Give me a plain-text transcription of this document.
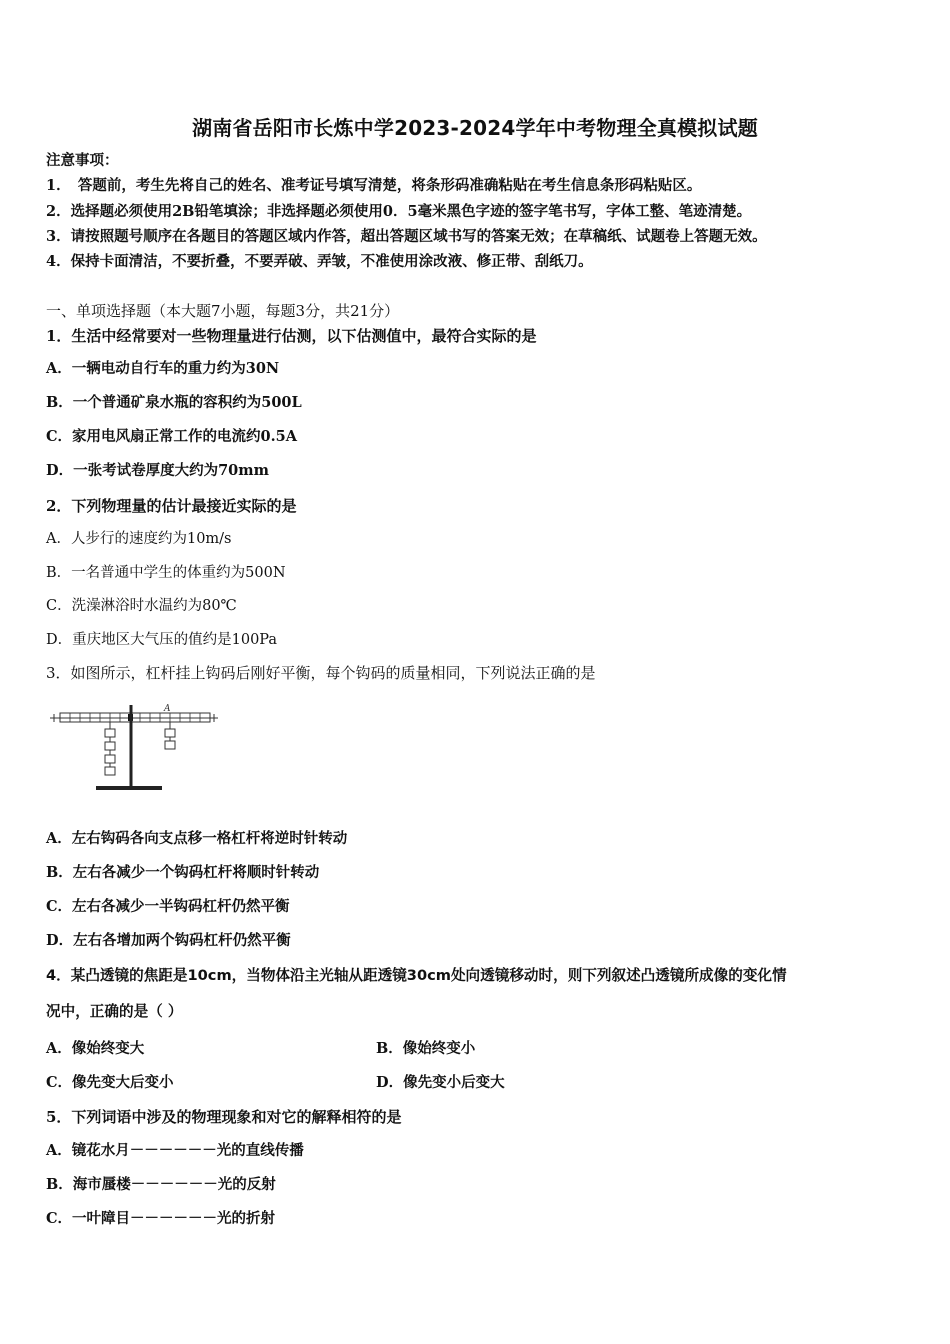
湖南省岳阳市长炼中学2023-2024学年中考物理全真模拟试题
注意事项：
1．　答题前，考生先将自己的姓名、准考证号填写清楚，将条形码准确粘贴在考生信息条形码粘贴区。
2．选择题必须使用2B铅笔填涂；非选择题必须使用0．5毫米黑色字迹的签字笔书写，字体工整、笔迹清楚。
3．请按照题号顺序在各题目的答题区域内作答，超出答题区域书写的答案无效；在草稿纸、试题卷上答题无效。
4．保持卡面清洁，不要折叠，不要弄破、弄皱，不准使用涂改液、修正带、刮纸刀。
一、单项选择题（本大题7小题，每题3分，共21分）
1．生活中经常要对一些物理量进行估测，以下估测值中，最符合实际的是
A．一辆电动自行车的重力约为30N
B．一个普通矿泉水瓶的容积约为500L
C．家用电风扇正常工作的电流约0.5A
D．一张考试卷厚度大约为70mm
2．下列物理量的估计最接近实际的是
A．人步行的速度约为10m/s
B．一名普通中学生的体重约为500N
C．洗澡淋浴时水温约为80℃
D．重庆地区大气压的值约是100Pa
3．如图所示，杠杆挂上钩码后刚好平衡，每个钩码的质量相同，下列说法正确的是
A
A．左右钩码各向支点移一格杠杆将逆时针转动
B．左右各减少一个钩码杠杆将顺时针转动
C．左右各减少一半钩码杠杆仍然平衡
D．左右各增加两个钩码杠杆仍然平衡
4．某凸透镜的焦距是10cm，当物体沿主光轴从距透镜30cm处向透镜移动时，则下列叙述凸透镜所成像的变化情
况中，正确的是（ ）
A．像始终变大	B．像始终变小
C．像先变大后变小	D．像先变小后变大
5．下列词语中涉及的物理现象和对它的解释相符的是
A．镜花水月－－－－－－光的直线传播
B．海市蜃楼－－－－－－光的反射
C．一叶障目－－－－－－光的折射
